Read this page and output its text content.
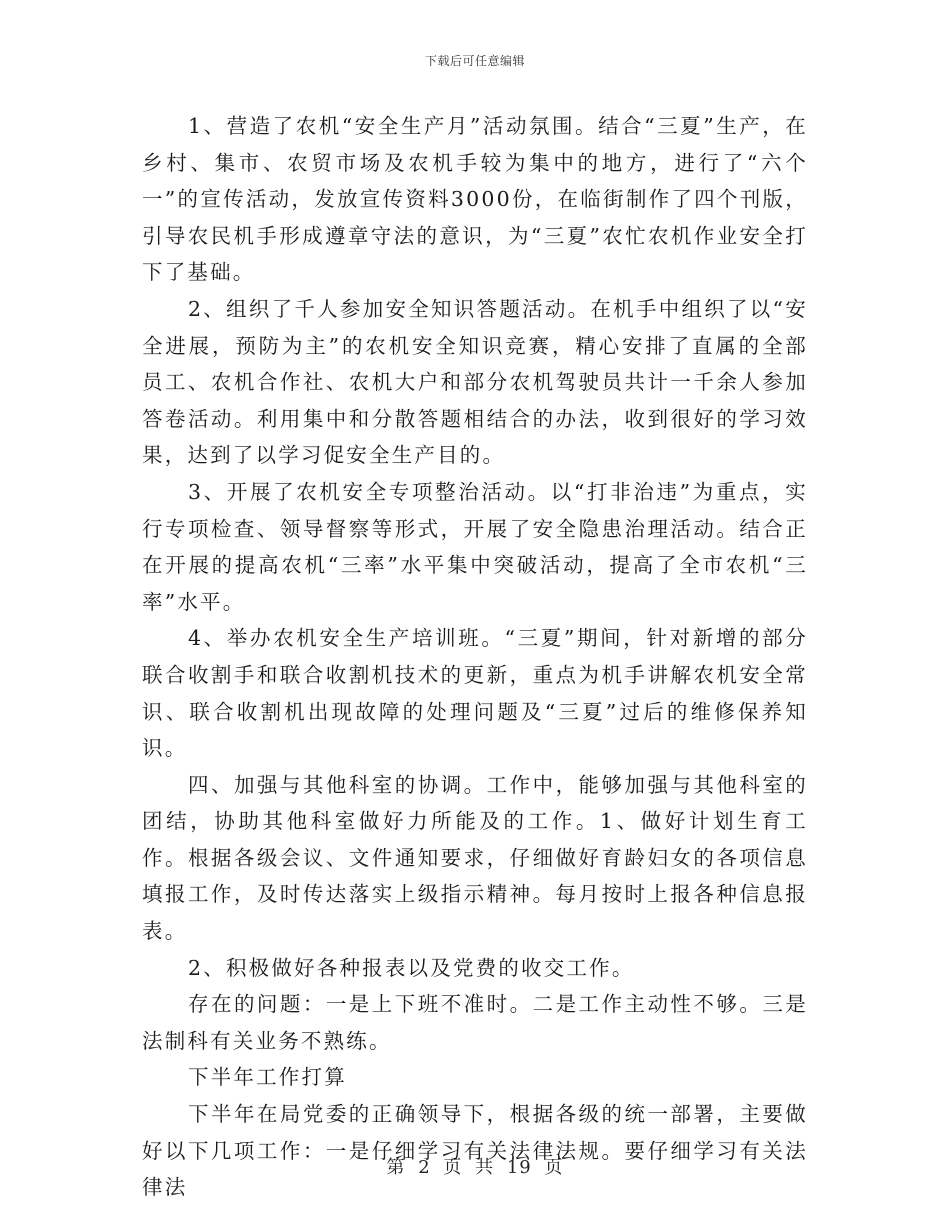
下载后可任意编辑

1、营造了农机“安全生产月”活动氛围。结合“三夏”生产，在乡村、集市、农贸市场及农机手较为集中的地方，进行了“六个一”的宣传活动，发放宣传资料3000份，在临街制作了四个刊版，引导农民机手形成遵章守法的意识，为“三夏”农忙农机作业安全打下了基础。

2、组织了千人参加安全知识答题活动。在机手中组织了以“安全进展，预防为主”的农机安全知识竞赛，精心安排了直属的全部员工、农机合作社、农机大户和部分农机驾驶员共计一千余人参加答卷活动。利用集中和分散答题相结合的办法，收到很好的学习效果，达到了以学习促安全生产目的。

3、开展了农机安全专项整治活动。以“打非治违”为重点，实行专项检查、领导督察等形式，开展了安全隐患治理活动。结合正在开展的提高农机“三率”水平集中突破活动，提高了全市农机“三率”水平。

4、举办农机安全生产培训班。“三夏”期间，针对新增的部分联合收割手和联合收割机技术的更新，重点为机手讲解农机安全常识、联合收割机出现故障的处理问题及“三夏”过后的维修保养知识。

四、加强与其他科室的协调。工作中，能够加强与其他科室的团结，协助其他科室做好力所能及的工作。1、做好计划生育工作。根据各级会议、文件通知要求，仔细做好育龄妇女的各项信息填报工作，及时传达落实上级指示精神。每月按时上报各种信息报表。

2、积极做好各种报表以及党费的收交工作。

存在的问题：一是上下班不准时。二是工作主动性不够。三是法制科有关业务不熟练。

下半年工作打算

下半年在局党委的正确领导下，根据各级的统一部署，主要做好以下几项工作：一是仔细学习有关法律法规。要仔细学习有关法律法

第 2 页 共 19 页
